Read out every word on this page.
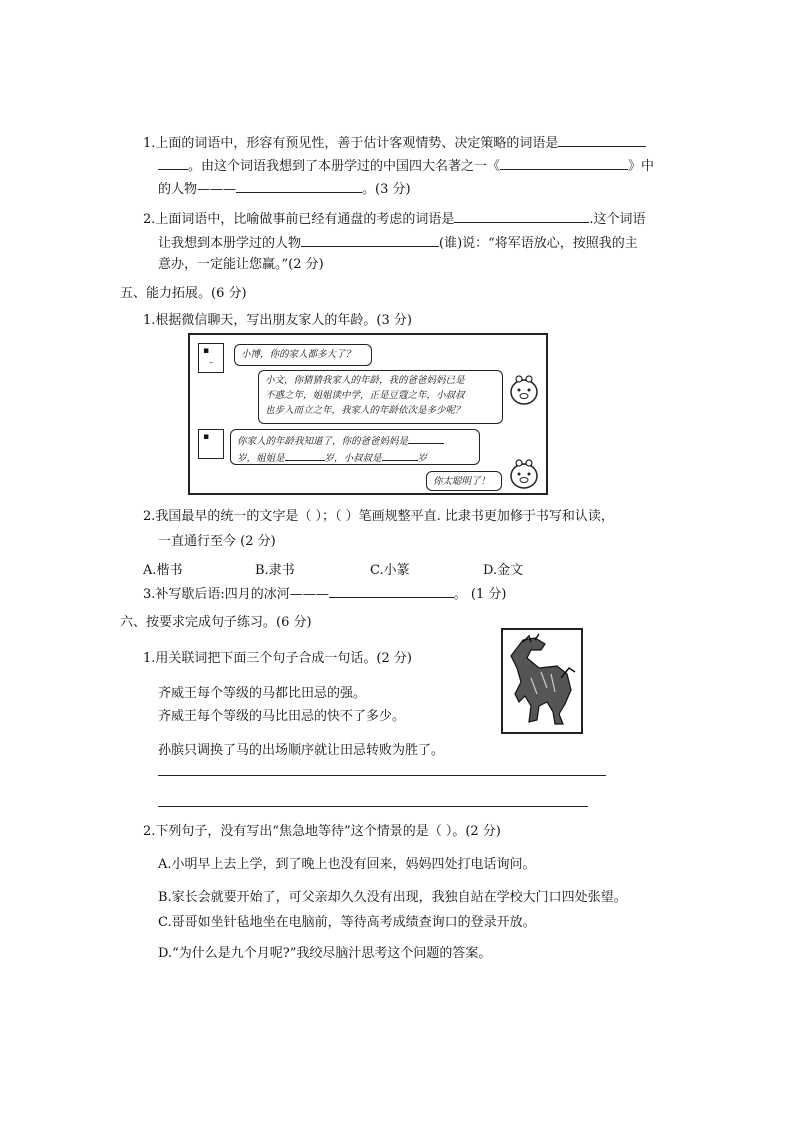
1.上面的词语中，形容有预见性，善于估计客观情势、决定策略的词语是
。由这个词语我想到了本册学过的中国四大名著之一《	》中
的人物———	。(3 分)
2.上面词语中，比喻做事前已经有通盘的考虑的词语是	.这个词语
让我想到本册学过的人物	(谁)说：“将军语放心，按照我的主
意办，一定能让您赢。”(2 分)
五、能力拓展。(6 分)
1.根据微信聊天，写出朋友家人的年龄。(3 分)
▪
–
小博，你的家人都多大了？
小文，你猜猜我家人的年龄，我的爸爸妈妈已是
不惑之年，姐姐读中学，正是豆蔻之年，小叔叔
也步入而立之年，我家人的年龄依次是多少呢？
▪	你家人的年龄我知道了，你的爸爸妈妈是
岁，姐姐是	岁，小叔叔是	岁
你太聪明了！
2.我国最早的统一的文字是（ ）；（ ）笔画规整平直. 比隶书更加修于书写和认读，
一直通行至今 (2 分)
A.楷书	B.隶书	C.小篆	D.金文
3.补写歇后语:四月的冰河———	。 (1 分)
六、按要求完成句子练习。(6 分)
1.用关联词把下面三个句子合成一句话。(2 分)
齐威王每个等级的马都比田忌的强。
齐威王每个等级的马比田忌的快不了多少。
孙膑只调换了马的出场顺序就让田忌转败为胜了。
2.下列句子，没有写出“焦急地等待”这个情景的是（ ）。(2 分)
A.小明早上去上学，到了晚上也没有回来，妈妈四处打电话询问。
B.家长会就要开始了，可父亲却久久没有出现，我独自站在学校大门口四处张望。
C.哥哥如坐针毡地坐在电脑前，等待高考成绩查询口的登录开放。
D.“为什么是九个月呢?”我绞尽脑汁思考这个问题的答案。
